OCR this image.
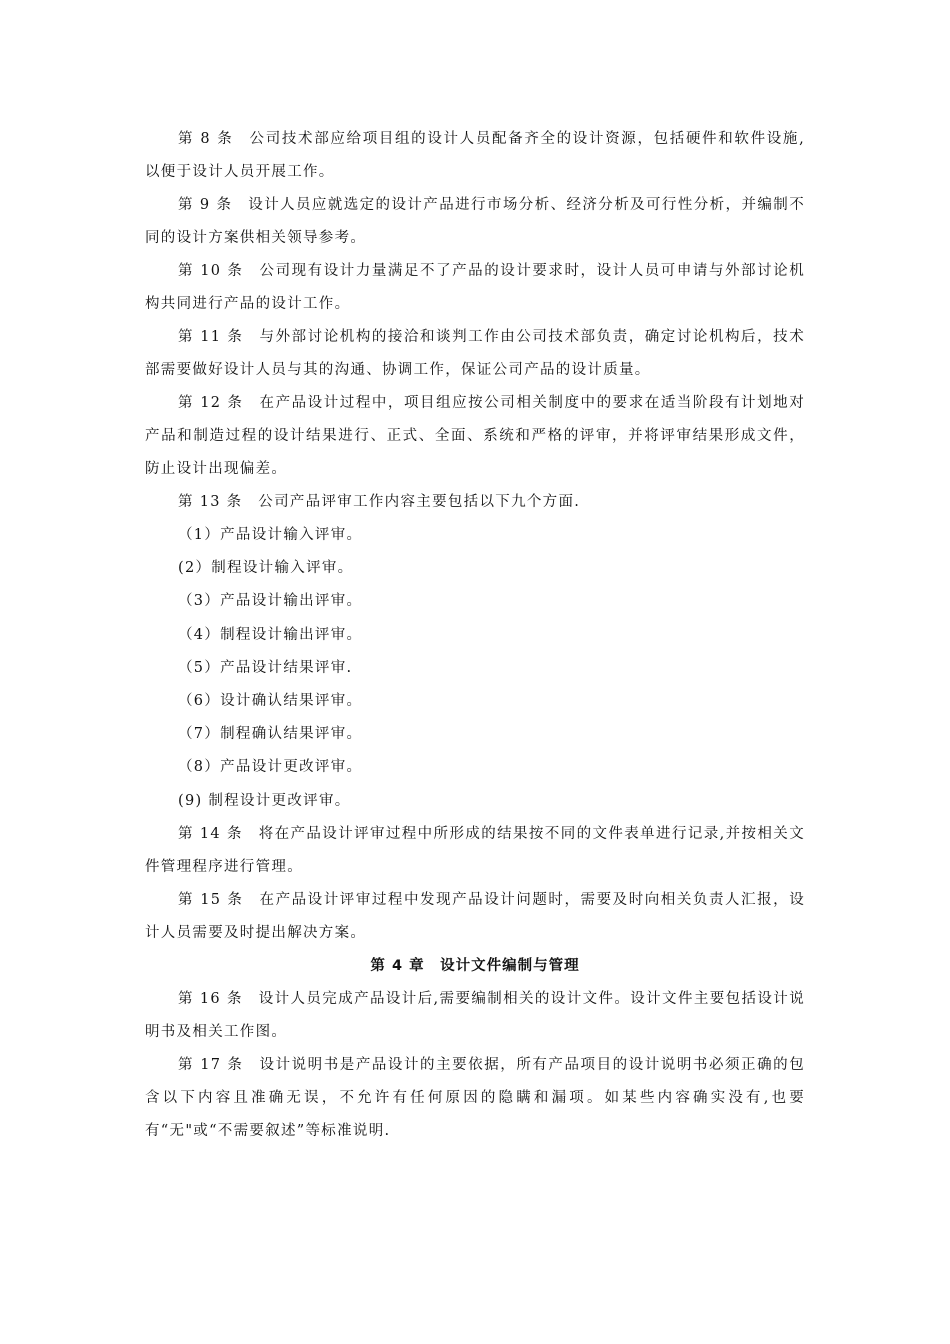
第 8 条　公司技术部应给项目组的设计人员配备齐全的设计资源，包括硬件和软件设施,以便于设计人员开展工作。

第 9 条　设计人员应就选定的设计产品进行市场分析、经济分析及可行性分析，并编制不同的设计方案供相关领导参考。

第 10 条　公司现有设计力量满足不了产品的设计要求时，设计人员可申请与外部讨论机构共同进行产品的设计工作。

第 11 条　与外部讨论机构的接洽和谈判工作由公司技术部负责，确定讨论机构后，技术部需要做好设计人员与其的沟通、协调工作，保证公司产品的设计质量。

第 12 条　在产品设计过程中，项目组应按公司相关制度中的要求在适当阶段有计划地对产品和制造过程的设计结果进行、正式、全面、系统和严格的评审，并将评审结果形成文件，防止设计出现偏差。

第 13 条　公司产品评审工作内容主要包括以下九个方面.

（1）产品设计输入评审。

(2）制程设计输入评审。

（3）产品设计输出评审。

（4）制程设计输出评审。

（5）产品设计结果评审.

（6）设计确认结果评审。

（7）制程确认结果评审。

（8）产品设计更改评审。

(9) 制程设计更改评审。

第 14 条　将在产品设计评审过程中所形成的结果按不同的文件表单进行记录,并按相关文件管理程序进行管理。

第 15 条　在产品设计评审过程中发现产品设计问题时，需要及时向相关负责人汇报，设计人员需要及时提出解决方案。

第 4 章　设计文件编制与管理

第 16 条　设计人员完成产品设计后,需要编制相关的设计文件。设计文件主要包括设计说明书及相关工作图。

第 17 条　设计说明书是产品设计的主要依据，所有产品项目的设计说明书必须正确的包含以下内容且准确无误，不允许有任何原因的隐瞒和漏项。如某些内容确实没有,也要有“无"或“不需要叙述”等标准说明.
